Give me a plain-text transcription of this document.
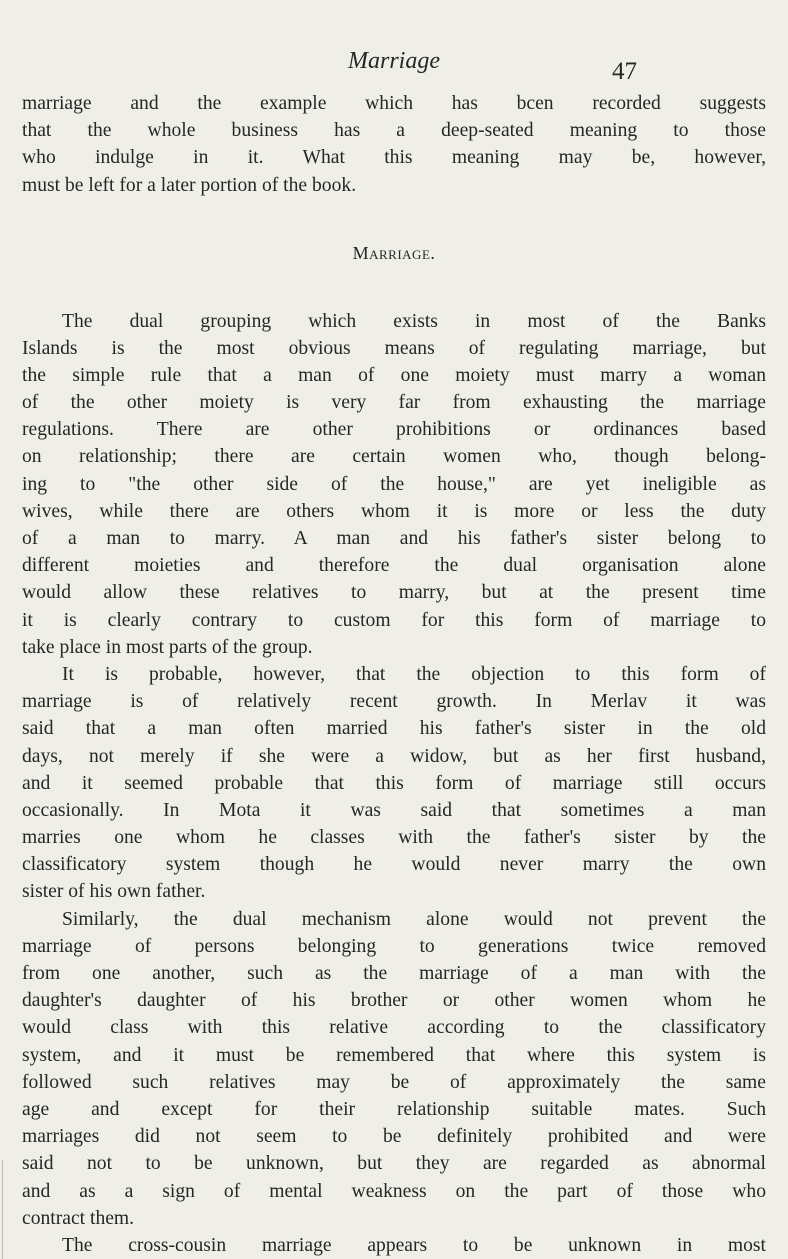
Marriage	47
marriage and the example which has bcen recorded suggests
that the whole business has a deep-seated meaning to those
who indulge in it. What this meaning may be, however,
must be left for a later portion of the book.
Marriage.
The dual grouping which exists in most of the Banks
Islands is the most obvious means of regulating marriage, but
the simple rule that a man of one moiety must marry a woman
of the other moiety is very far from exhausting the marriage
regulations. There are other prohibitions or ordinances based
on relationship; there are certain women who, though belong-
ing to "the other side of the house," are yet ineligible as
wives, while there are others whom it is more or less the duty
of a man to marry. A man and his father's sister belong to
different moieties and therefore the dual organisation alone
would allow these relatives to marry, but at the present time
it is clearly contrary to custom for this form of marriage to
take place in most parts of the group.
It is probable, however, that the objection to this form of
marriage is of relatively recent growth. In Merlav it was
said that a man often married his father's sister in the old
days, not merely if she were a widow, but as her first husband,
and it seemed probable that this form of marriage still occurs
occasionally. In Mota it was said that sometimes a man
marries one whom he classes with the father's sister by the
classificatory system though he would never marry the own
sister of his own father.
Similarly, the dual mechanism alone would not prevent the
marriage of persons belonging to generations twice removed
from one another, such as the marriage of a man with the
daughter's daughter of his brother or other women whom he
would class with this relative according to the classificatory
system, and it must be remembered that where this system is
followed such relatives may be of approximately the same
age and except for their relationship suitable mates. Such
marriages did not seem to be definitely prohibited and were
said not to be unknown, but they are regarded as abnormal
and as a sign of mental weakness on the part of those who
contract them.
The cross-cousin marriage appears to be unknown in most
